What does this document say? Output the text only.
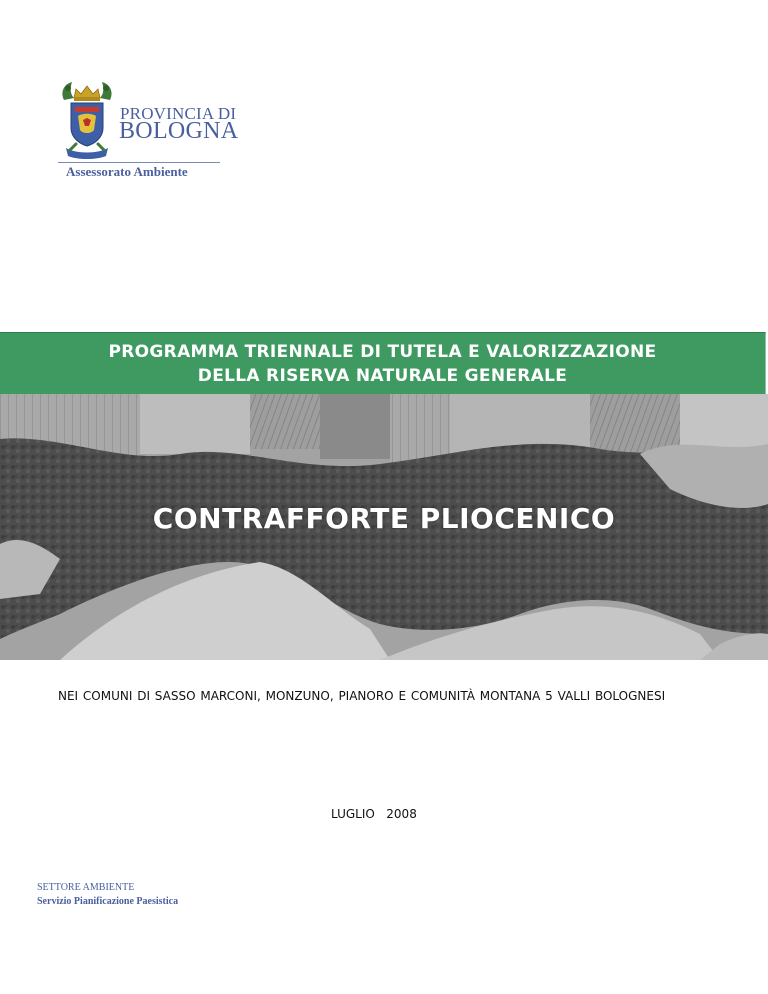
PROVINCIA DI
BOLOGNA
Assessorato Ambiente
PROGRAMMA TRIENNALE DI TUTELA E VALORIZZAZIONE
DELLA RISERVA NATURALE GENERALE
CONTRAFFORTE PLIOCENICO
NEI COMUNI DI SASSO MARCONI, MONZUNO, PIANORO E COMUNITÀ MONTANA 5 VALLI BOLOGNESI
LUGLIO   2008
SETTORE AMBIENTE
Servizio Pianificazione Paesistica
